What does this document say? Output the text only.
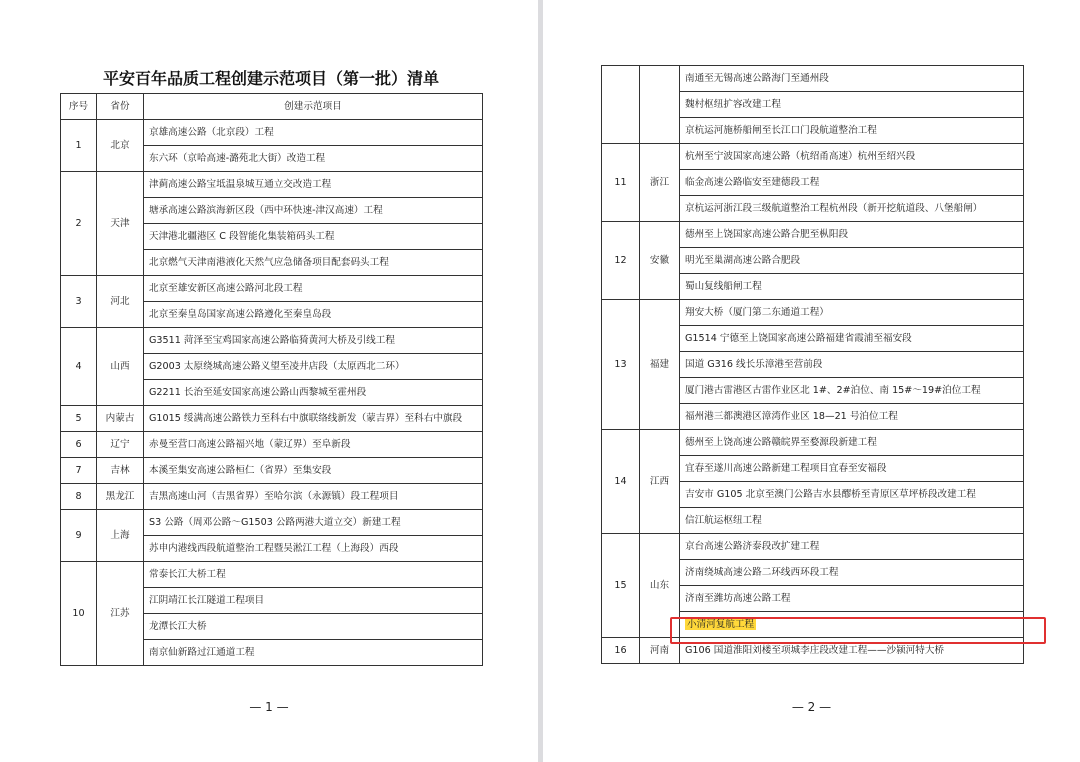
平安百年品质工程创建示范项目（第一批）清单
序号	省份	创建示范项目
1	北京	京雄高速公路（北京段）工程
		东六环（京哈高速-潞苑北大街）改造工程
2	天津	津蓟高速公路宝坻温泉城互通立交改造工程
		塘承高速公路滨海新区段（西中环快速-津汉高速）工程
		天津港北疆港区 C 段智能化集装箱码头工程
		北京燃气天津南港液化天然气应急储备项目配套码头工程
3	河北	北京至雄安新区高速公路河北段工程
		北京至秦皇岛国家高速公路遵化至秦皇岛段
4	山西	G3511 菏泽至宝鸡国家高速公路临猗黄河大桥及引线工程
		G2003 太原绕城高速公路义望至凌井店段（太原西北二环）
		G2211 长治至延安国家高速公路山西黎城至霍州段
5	内蒙古	G1015 绥满高速公路铁力至科右中旗联络线新发（蒙吉界）至科右中旗段
6	辽宁	赤曼至营口高速公路福兴地（蒙辽界）至阜新段
7	吉林	本溪至集安高速公路桓仁（省界）至集安段
8	黑龙江	吉黑高速山河（吉黑省界）至哈尔滨（永源镇）段工程项目
9	上海	S3 公路（周邓公路～G1503 公路两港大道立交）新建工程
		苏申内港线西段航道整治工程暨吴淞江工程（上海段）西段
10	江苏	常泰长江大桥工程
		江阴靖江长江隧道工程项目
		龙潭长江大桥
		南京仙新路过江通道工程
— 1 —
		南通至无锡高速公路海门至通州段
		魏村枢纽扩容改建工程
		京杭运河施桥船闸至长江口门段航道整治工程
11	浙江	杭州至宁波国家高速公路（杭绍甬高速）杭州至绍兴段
		临金高速公路临安至建德段工程
		京杭运河浙江段三级航道整治工程杭州段（新开挖航道段、八堡船闸）
12	安徽	德州至上饶国家高速公路合肥至枞阳段
		明光至巢湖高速公路合肥段
		蜀山复线船闸工程
13	福建	翔安大桥（厦门第二东通道工程）
		G1514 宁德至上饶国家高速公路福建省霞浦至福安段
		国道 G316 线长乐漳港至营前段
		厦门港古雷港区古雷作业区北 1#、2#泊位、南 15#～19#泊位工程
		福州港三都澳港区漳湾作业区 18—21 号泊位工程
14	江西	德州至上饶高速公路赣皖界至婺源段新建工程
		宜春至遂川高速公路新建工程项目宜春至安福段
		吉安市 G105 北京至澳门公路吉水县醪桥至青原区草坪桥段改建工程
		信江航运枢纽工程
15	山东	京台高速公路济泰段改扩建工程
		济南绕城高速公路二环线西环段工程
		济南至潍坊高速公路工程
		小清河复航工程
16	河南	G106 国道淮阳刘楼至项城李庄段改建工程——沙颍河特大桥
— 2 —
